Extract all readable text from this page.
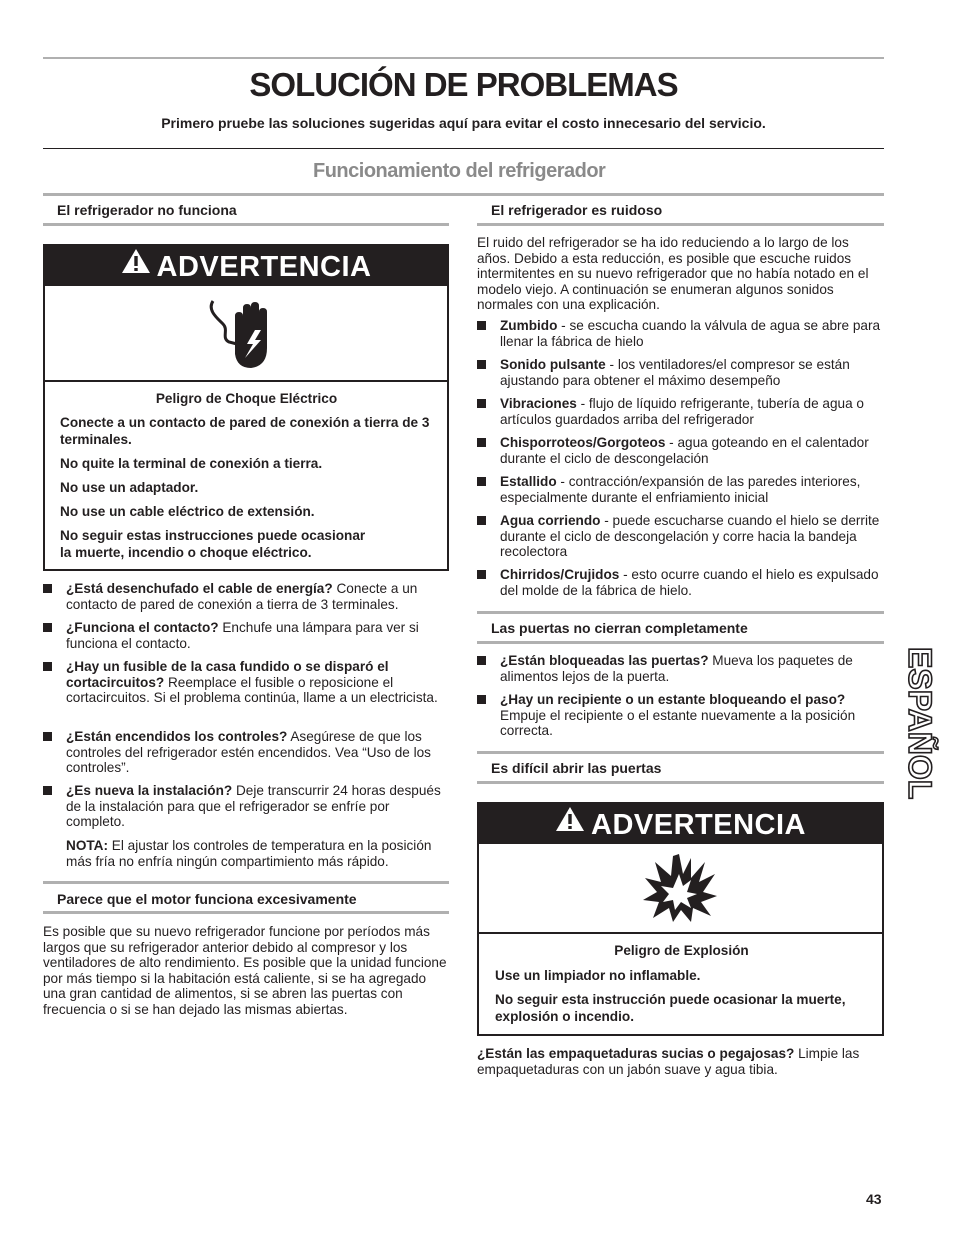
SOLUCIÓN DE PROBLEMAS
Primero pruebe las soluciones sugeridas aquí para evitar el costo innecesario del servicio.
Funcionamiento del refrigerador
El refrigerador no funciona
ADVERTENCIA
Peligro de Choque Eléctrico
Conecte a un contacto de pared de conexión a tierra de 3 terminales.
No quite la terminal de conexión a tierra.
No use un adaptador.
No use un cable eléctrico de extensión.
No seguir estas instrucciones puede ocasionar
la muerte, incendio o choque eléctrico.
¿Está desenchufado el cable de energía? Conecte a un contacto de pared de conexión a tierra de 3 terminales.
¿Funciona el contacto? Enchufe una lámpara para ver si funciona el contacto.
¿Hay un fusible de la casa fundido o se disparó el cortacircuitos? Reemplace el fusible o reposicione el cortacircuitos. Si el problema continúa, llame a un electricista.
¿Están encendidos los controles? Asegúrese de que los controles del refrigerador estén encendidos. Vea “Uso de los controles”.
¿Es nueva la instalación? Deje transcurrir 24 horas después de la instalación para que el refrigerador se enfríe por completo.
NOTA: El ajustar los controles de temperatura en la posición más fría no enfría ningún compartimiento más rápido.
Parece que el motor funciona excesivamente
Es posible que su nuevo refrigerador funcione por períodos más largos que su refrigerador anterior debido al compresor y los ventiladores de alto rendimiento. Es posible que la unidad funcione por más tiempo si la habitación está caliente, si se ha agregado una gran cantidad de alimentos, si se abren las puertas con frecuencia o si se han dejado las mismas abiertas.
El refrigerador es ruidoso
El ruido del refrigerador se ha ido reduciendo a lo largo de los años. Debido a esta reducción, es posible que escuche ruidos intermitentes en su nuevo refrigerador que no había notado en el modelo viejo. A continuación se enumeran algunos sonidos normales con una explicación.
Zumbido - se escucha cuando la válvula de agua se abre para llenar la fábrica de hielo
Sonido pulsante - los ventiladores/el compresor se están ajustando para obtener el máximo desempeño
Vibraciones - flujo de líquido refrigerante, tubería de agua o artículos guardados arriba del refrigerador
Chisporroteos/Gorgoteos - agua goteando en el calentador durante el ciclo de descongelación
Estallido - contracción/expansión de las paredes interiores, especialmente durante el enfriamiento inicial
Agua corriendo - puede escucharse cuando el hielo se derrite durante el ciclo de descongelación y corre hacia la bandeja recolectora
Chirridos/Crujidos - esto ocurre cuando el hielo es expulsado del molde de la fábrica de hielo.
Las puertas no cierran completamente
¿Están bloqueadas las puertas? Mueva los paquetes de alimentos lejos de la puerta.
¿Hay un recipiente o un estante bloqueando el paso? Empuje el recipiente o el estante nuevamente a la posición correcta.
Es difícil abrir las puertas
ADVERTENCIA
Peligro de Explosión
Use un limpiador no inflamable.
No seguir esta instrucción puede ocasionar la muerte, explosión o incendio.
¿Están las empaquetaduras sucias o pegajosas? Limpie las empaquetaduras con un jabón suave y agua tibia.
ESPAÑOL
43
